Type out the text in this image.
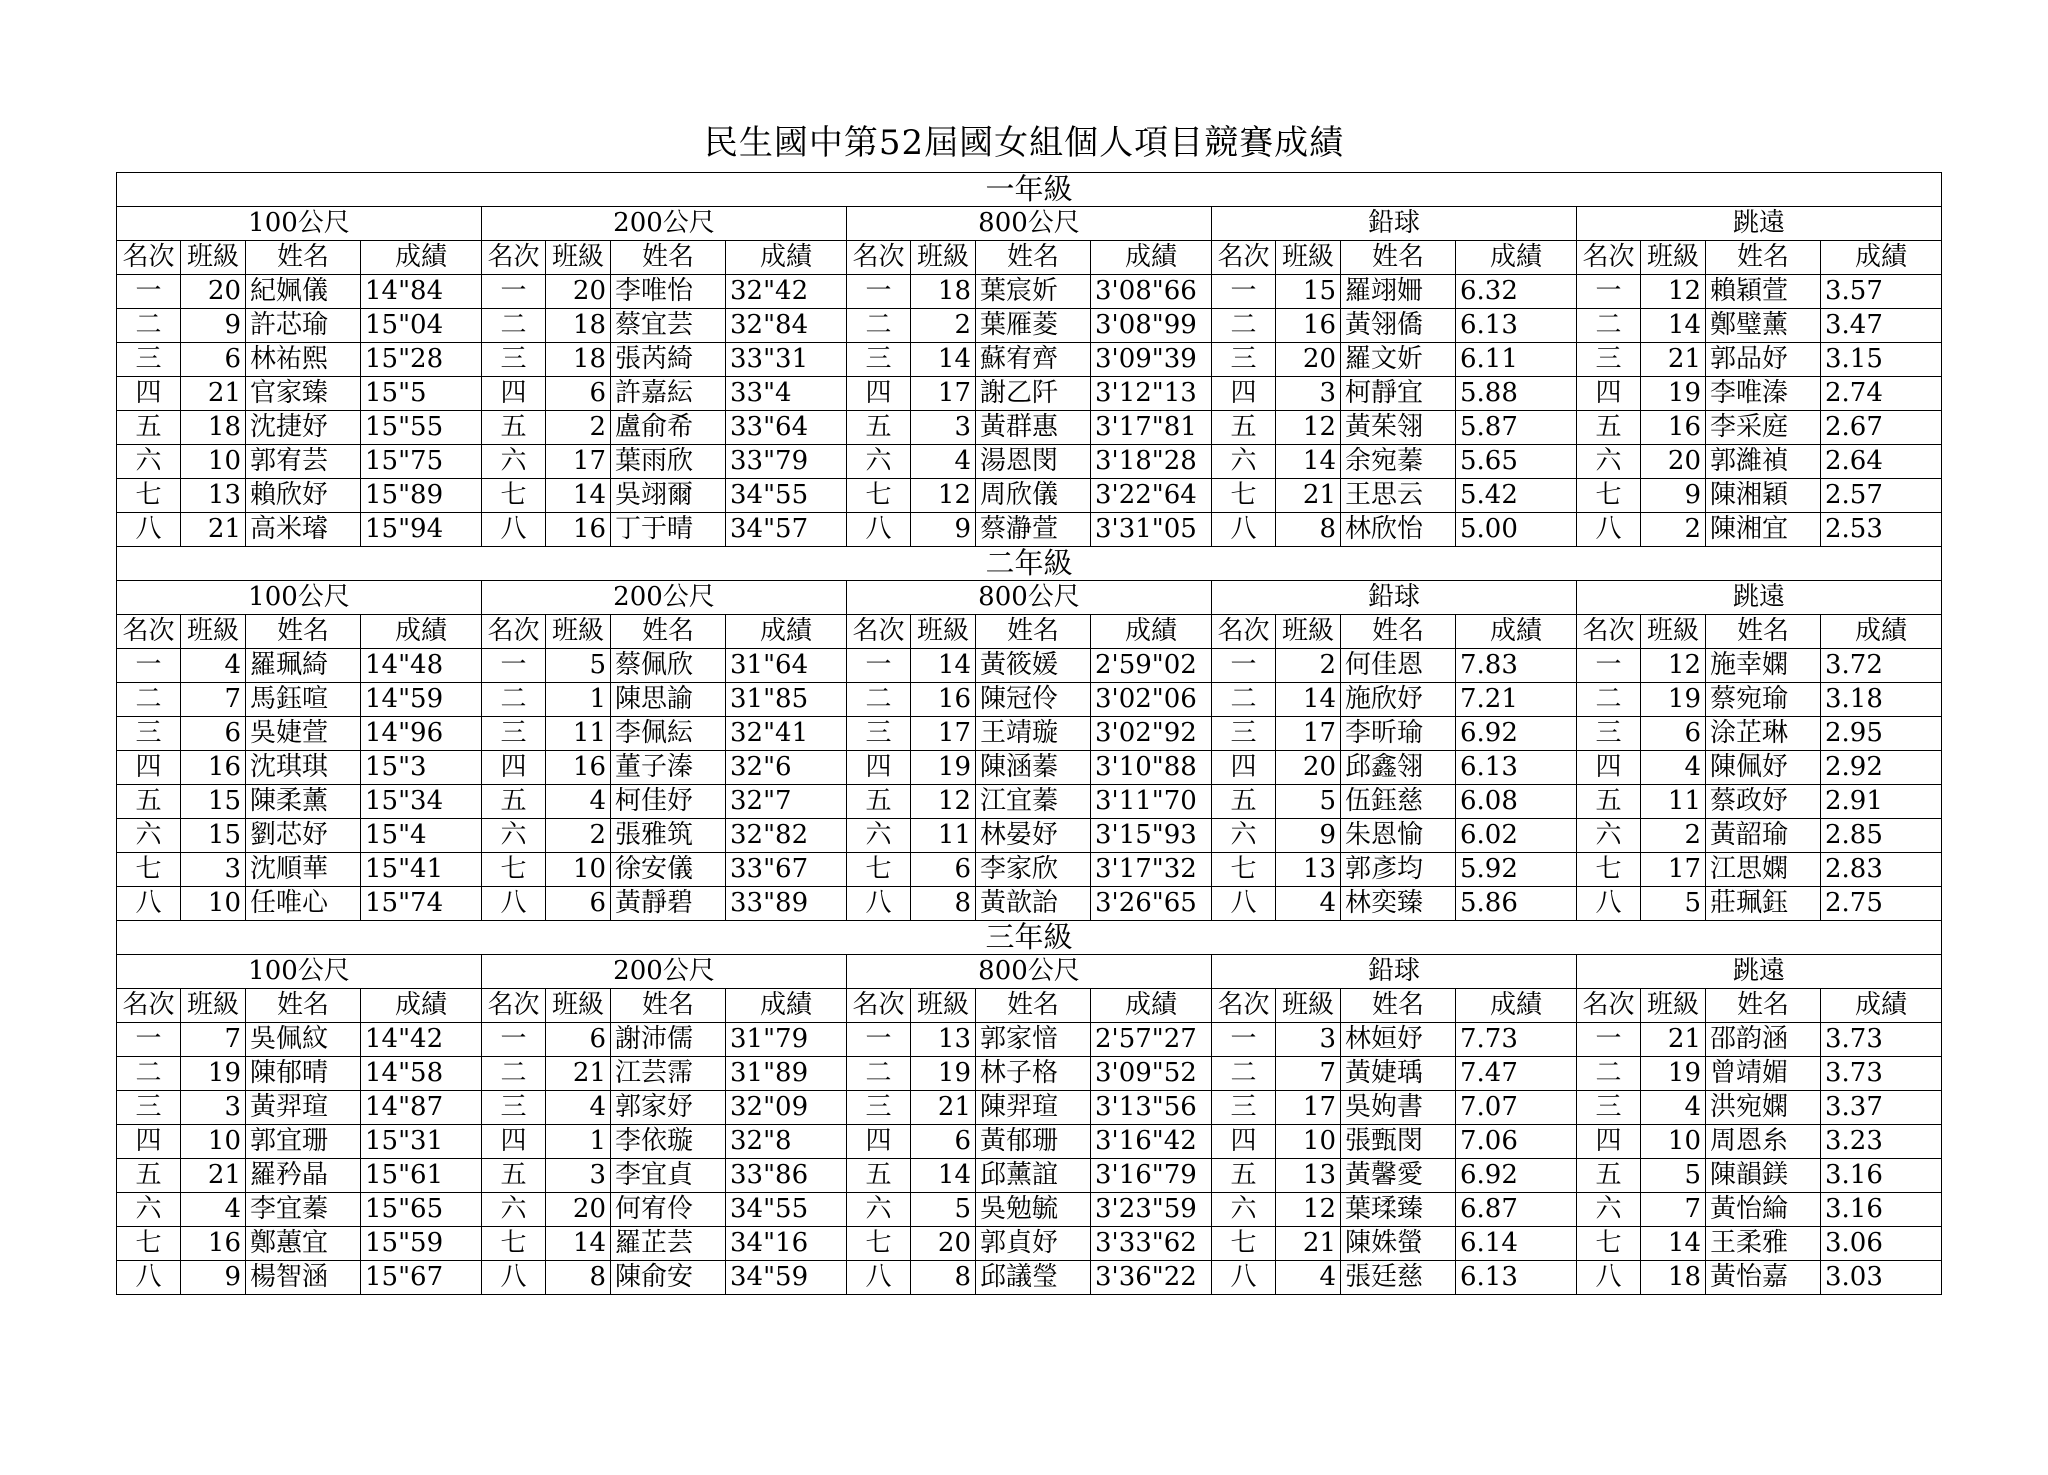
民生國中第52屆國女組個人項目競賽成績
一年級																			
100公尺				200公尺				800公尺				鉛球				跳遠			
名次	班級	姓名	成績	名次	班級	姓名	成績	名次	班級	姓名	成績	名次	班級	姓名	成績	名次	班級	姓名	成績
一	20	紀姵儀	14"84	一	20	李唯怡	32"42	一	18	葉宸妡	3'08"66	一	15	羅翊姍	6.32	一	12	賴穎萱	3.57
二	9	許芯瑜	15"04	二	18	蔡宜芸	32"84	二	2	葉雁菱	3'08"99	二	16	黃翎僑	6.13	二	14	鄭璧薰	3.47
三	6	林祐熙	15"28	三	18	張芮綺	33"31	三	14	蘇宥齊	3'09"39	三	20	羅文妡	6.11	三	21	郭品妤	3.15
四	21	官家臻	15"5	四	6	許嘉紜	33"4	四	17	謝乙阡	3'12"13	四	3	柯靜宜	5.88	四	19	李唯溱	2.74
五	18	沈捷妤	15"55	五	2	盧俞希	33"64	五	3	黃群惠	3'17"81	五	12	黃茱翎	5.87	五	16	李采庭	2.67
六	10	郭宥芸	15"75	六	17	葉雨欣	33"79	六	4	湯恩閔	3'18"28	六	14	余宛蓁	5.65	六	20	郭濰禎	2.64
七	13	賴欣妤	15"89	七	14	吳翊爾	34"55	七	12	周欣儀	3'22"64	七	21	王思云	5.42	七	9	陳湘穎	2.57
八	21	高米璿	15"94	八	16	丁于晴	34"57	八	9	蔡瀞萱	3'31"05	八	8	林欣怡	5.00	八	2	陳湘宜	2.53
二年級																			
100公尺				200公尺				800公尺				鉛球				跳遠			
名次	班級	姓名	成績	名次	班級	姓名	成績	名次	班級	姓名	成績	名次	班級	姓名	成績	名次	班級	姓名	成績
一	4	羅珮綺	14"48	一	5	蔡佩欣	31"64	一	14	黃筱媛	2'59"02	一	2	何佳恩	7.83	一	12	施幸嫻	3.72
二	7	馬鈺喧	14"59	二	1	陳思諭	31"85	二	16	陳冠伶	3'02"06	二	14	施欣妤	7.21	二	19	蔡宛瑜	3.18
三	6	吳婕萱	14"96	三	11	李佩紜	32"41	三	17	王靖璇	3'02"92	三	17	李昕瑜	6.92	三	6	涂芷琳	2.95
四	16	沈琪琪	15"3	四	16	董子溱	32"6	四	19	陳涵蓁	3'10"88	四	20	邱鑫翎	6.13	四	4	陳佩妤	2.92
五	15	陳柔薰	15"34	五	4	柯佳妤	32"7	五	12	江宜蓁	3'11"70	五	5	伍鈺慈	6.08	五	11	蔡政妤	2.91
六	15	劉芯妤	15"4	六	2	張雅筑	32"82	六	11	林晏妤	3'15"93	六	9	朱恩愉	6.02	六	2	黃韶瑜	2.85
七	3	沈順華	15"41	七	10	徐安儀	33"67	七	6	李家欣	3'17"32	七	13	郭彥均	5.92	七	17	江思嫻	2.83
八	10	任唯心	15"74	八	6	黃靜碧	33"89	八	8	黃歆詒	3'26"65	八	4	林奕臻	5.86	八	5	莊珮鈺	2.75
三年級																			
100公尺				200公尺				800公尺				鉛球				跳遠			
名次	班級	姓名	成績	名次	班級	姓名	成績	名次	班級	姓名	成績	名次	班級	姓名	成績	名次	班級	姓名	成績
一	7	吳佩紋	14"42	一	6	謝沛儒	31"79	一	13	郭家愔	2'57"27	一	3	林姮妤	7.73	一	21	邵韵涵	3.73
二	19	陳郁晴	14"58	二	21	江芸霈	31"89	二	19	林子格	3'09"52	二	7	黃婕瑀	7.47	二	19	曾靖媚	3.73
三	3	黃羿瑄	14"87	三	4	郭家妤	32"09	三	21	陳羿瑄	3'13"56	三	17	吳姁書	7.07	三	4	洪宛嫻	3.37
四	10	郭宜珊	15"31	四	1	李依璇	32"8	四	6	黃郁珊	3'16"42	四	10	張甄閔	7.06	四	10	周恩糸	3.23
五	21	羅矜晶	15"61	五	3	李宜貞	33"86	五	14	邱薰誼	3'16"79	五	13	黃馨愛	6.92	五	5	陳韻鎂	3.16
六	4	李宜蓁	15"65	六	20	何宥伶	34"55	六	5	吳勉毓	3'23"59	六	12	葉瑈臻	6.87	六	7	黃怡綸	3.16
七	16	鄭蕙宜	15"59	七	14	羅芷芸	34"16	七	20	郭貞妤	3'33"62	七	21	陳姝螢	6.14	七	14	王柔雅	3.06
八	9	楊智涵	15"67	八	8	陳俞安	34"59	八	8	邱議瑩	3'36"22	八	4	張廷慈	6.13	八	18	黃怡嘉	3.03
